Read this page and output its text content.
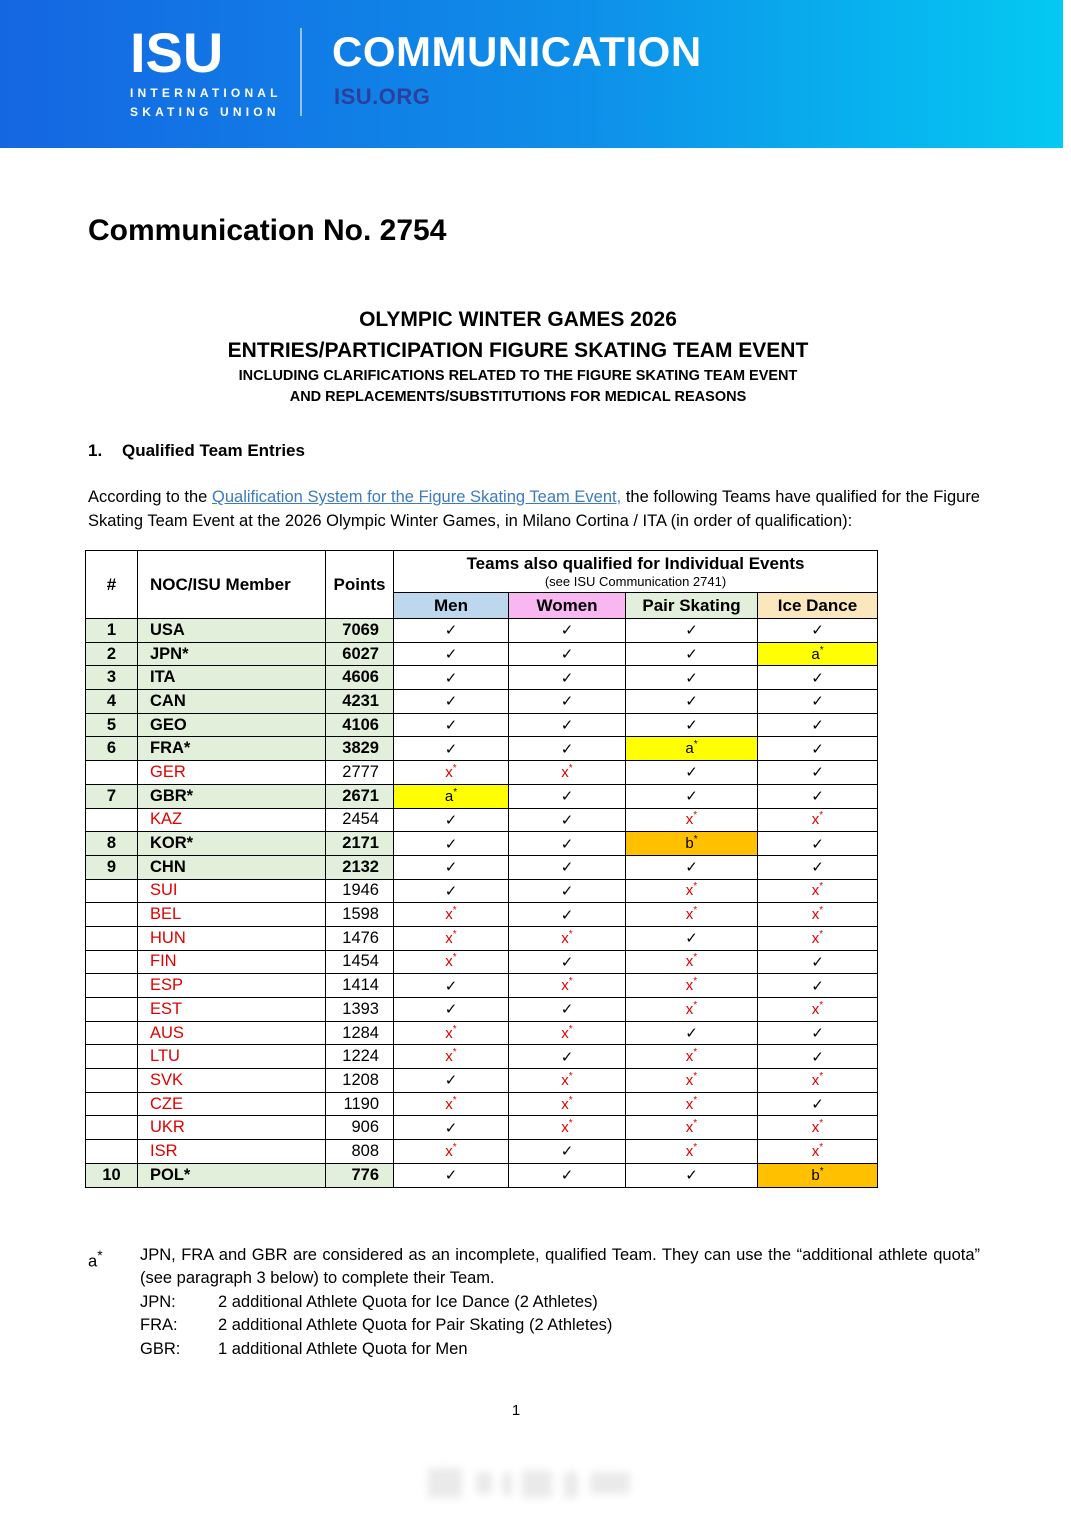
ISU
INTERNATIONAL
SKATING UNION
COMMUNICATION
ISU.ORG
Communication No. 2754
OLYMPIC WINTER GAMES 2026
ENTRIES/PARTICIPATION FIGURE SKATING TEAM EVENT
INCLUDING CLARIFICATIONS RELATED TO THE FIGURE SKATING TEAM EVENT
AND REPLACEMENTS/SUBSTITUTIONS FOR MEDICAL REASONS
1.	Qualified Team Entries

According to the Qualification System for the Figure Skating Team Event, the following Teams have qualified for the Figure Skating Team Event at the 2026 Olympic Winter Games, in Milano Cortina / ITA (in order of qualification):

#	NOC/ISU Member	Points	Teams also qualified for Individual Events
(see ISU Communication 2741)			

			Men	Women	Pair Skating	Ice Dance
1	USA	7069	✓	✓	✓	✓
2	JPN*	6027	✓	✓	✓	a*
3	ITA	4606	✓	✓	✓	✓
4	CAN	4231	✓	✓	✓	✓
5	GEO	4106	✓	✓	✓	✓
6	FRA*	3829	✓	✓	a*	✓
	GER	2777	x*	x*	✓	✓
7	GBR*	2671	a*	✓	✓	✓
	KAZ	2454	✓	✓	x*	x*
8	KOR*	2171	✓	✓	b*	✓
9	CHN	2132	✓	✓	✓	✓
	SUI	1946	✓	✓	x*	x*
	BEL	1598	x*	✓	x*	x*
	HUN	1476	x*	x*	✓	x*
	FIN	1454	x*	✓	x*	✓
	ESP	1414	✓	x*	x*	✓
	EST	1393	✓	✓	x*	x*
	AUS	1284	x*	x*	✓	✓
	LTU	1224	x*	✓	x*	✓
	SVK	1208	✓	x*	x*	x*
	CZE	1190	x*	x*	x*	✓
	UKR	906	✓	x*	x*	x*
	ISR	808	x*	✓	x*	x*
10	POL*	776	✓	✓	✓	b*
a*	JPN, FRA and GBR are considered as an incomplete, qualified Team. They can use the “additional athlete quota” (see paragraph 3 below) to complete their Team.
JPN:	2 additional Athlete Quota for Ice Dance (2 Athletes)
FRA:	2 additional Athlete Quota for Pair Skating (2 Athletes)
GBR:	1 additional Athlete Quota for Men
1
